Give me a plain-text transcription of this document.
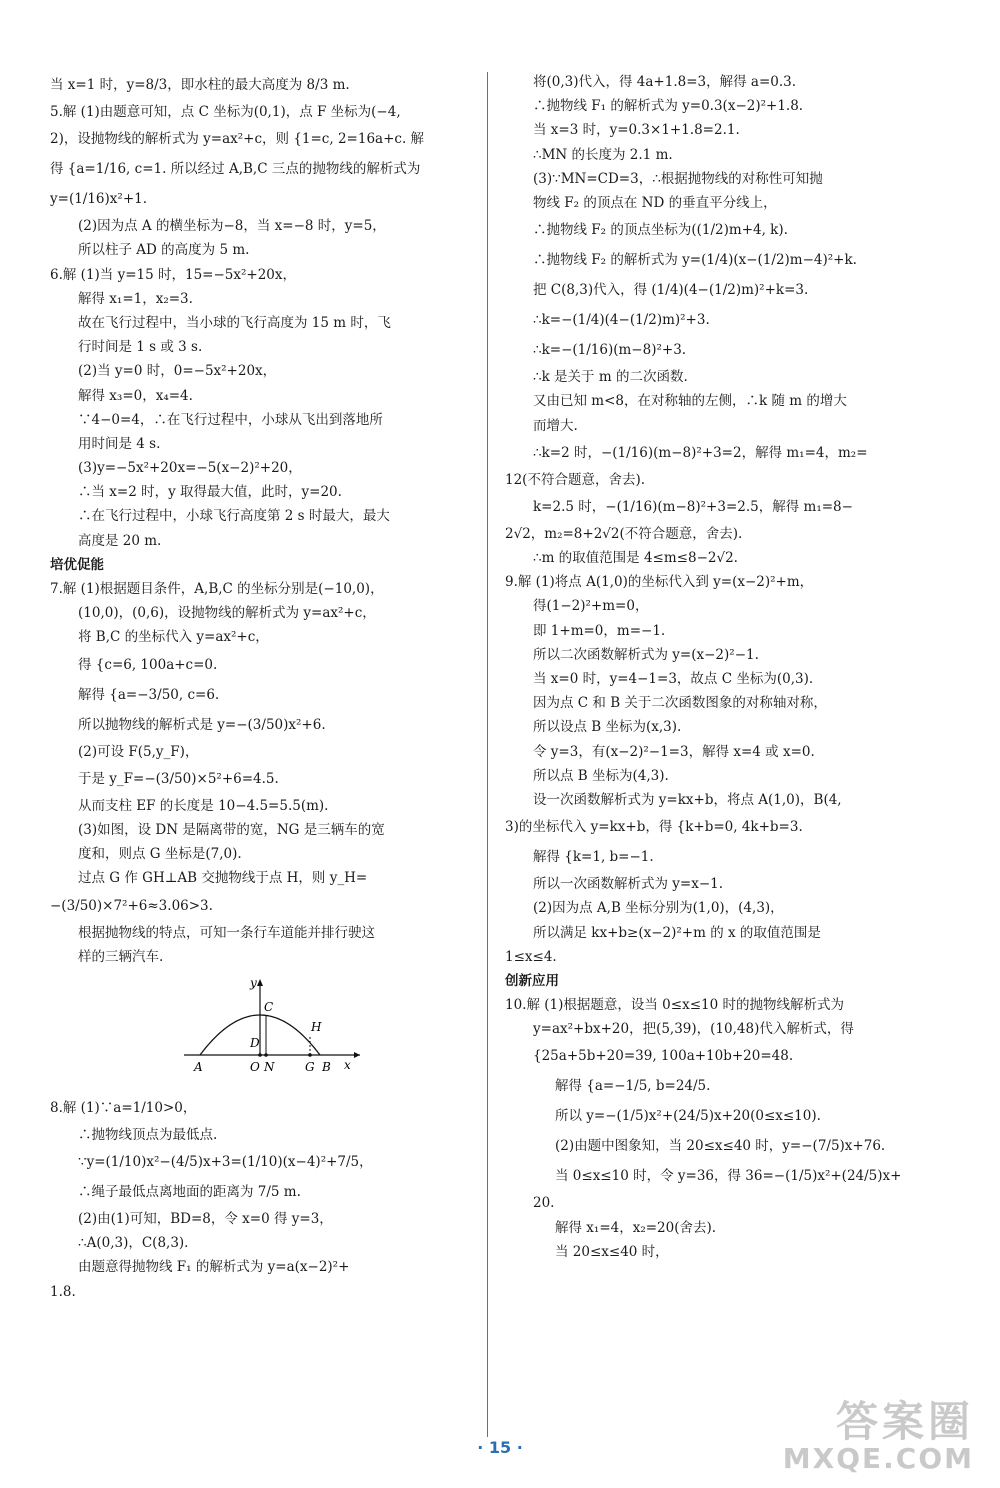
当 x=1 时，y=8/3，即水柱的最大高度为 8/3 m.
5.解 (1)由题意可知，点 C 坐标为(0,1)，点 F 坐标为(−4,
2)，设抛物线的解析式为 y=ax²+c，则 {1=c, 2=16a+c. 解
得 {a=1/16, c=1. 所以经过 A,B,C 三点的抛物线的解析式为
y=(1/16)x²+1.
(2)因为点 A 的横坐标为−8，当 x=−8 时，y=5，
所以柱子 AD 的高度为 5 m.
6.解 (1)当 y=15 时，15=−5x²+20x，
解得 x₁=1，x₂=3.
故在飞行过程中，当小球的飞行高度为 15 m 时，飞
行时间是 1 s 或 3 s.
(2)当 y=0 时，0=−5x²+20x，
解得 x₃=0，x₄=4.
∵4−0=4，∴在飞行过程中，小球从飞出到落地所
用时间是 4 s.
(3)y=−5x²+20x=−5(x−2)²+20，
∴当 x=2 时，y 取得最大值，此时，y=20.
∴在飞行过程中，小球飞行高度第 2 s 时最大，最大
高度是 20 m.
培优促能
7.解 (1)根据题目条件，A,B,C 的坐标分别是(−10,0)，
(10,0)，(0,6)，设抛物线的解析式为 y=ax²+c，
将 B,C 的坐标代入 y=ax²+c，
得 {c=6, 100a+c=0.
解得 {a=−3/50, c=6.
所以抛物线的解析式是 y=−(3/50)x²+6.
(2)可设 F(5,y_F)，
于是 y_F=−(3/50)×5²+6=4.5.
从而支柱 EF 的长度是 10−4.5=5.5(m).
(3)如图，设 DN 是隔离带的宽，NG 是三辆车的宽
度和，则点 G 坐标是(7,0).
过点 G 作 GH⊥AB 交抛物线于点 H，则 y_H=
−(3/50)×7²+6≈3.06>3.
根据抛物线的特点，可知一条行车道能并排行驶这
样的三辆汽车.
A	O N	G B x
y
C
D
H
8.解 (1)∵a=1/10>0，
∴抛物线顶点为最低点.
∵y=(1/10)x²−(4/5)x+3=(1/10)(x−4)²+7/5，
∴绳子最低点离地面的距离为 7/5 m.
(2)由(1)可知，BD=8，令 x=0 得 y=3，
∴A(0,3)，C(8,3).
由题意得抛物线 F₁ 的解析式为 y=a(x−2)²+
1.8.
将(0,3)代入，得 4a+1.8=3，解得 a=0.3.
∴抛物线 F₁ 的解析式为 y=0.3(x−2)²+1.8.
当 x=3 时，y=0.3×1+1.8=2.1.
∴MN 的长度为 2.1 m.
(3)∵MN=CD=3，∴根据抛物线的对称性可知抛
物线 F₂ 的顶点在 ND 的垂直平分线上，
∴抛物线 F₂ 的顶点坐标为((1/2)m+4, k).
∴抛物线 F₂ 的解析式为 y=(1/4)(x−(1/2)m−4)²+k.
把 C(8,3)代入，得 (1/4)(4−(1/2)m)²+k=3.
∴k=−(1/4)(4−(1/2)m)²+3.
∴k=−(1/16)(m−8)²+3.
∴k 是关于 m 的二次函数.
又由已知 m<8，在对称轴的左侧，∴k 随 m 的增大
而增大.
∴k=2 时，−(1/16)(m−8)²+3=2，解得 m₁=4，m₂=
12(不符合题意，舍去).
k=2.5 时，−(1/16)(m−8)²+3=2.5，解得 m₁=8−
2√2，m₂=8+2√2(不符合题意，舍去).
∴m 的取值范围是 4≤m≤8−2√2.
9.解 (1)将点 A(1,0)的坐标代入到 y=(x−2)²+m，
得(1−2)²+m=0，
即 1+m=0，m=−1.
所以二次函数解析式为 y=(x−2)²−1.
当 x=0 时，y=4−1=3，故点 C 坐标为(0,3).
因为点 C 和 B 关于二次函数图象的对称轴对称，
所以设点 B 坐标为(x,3).
令 y=3，有(x−2)²−1=3，解得 x=4 或 x=0.
所以点 B 坐标为(4,3).
设一次函数解析式为 y=kx+b，将点 A(1,0)，B(4,
3)的坐标代入 y=kx+b，得 {k+b=0, 4k+b=3.
解得 {k=1, b=−1.
所以一次函数解析式为 y=x−1.
(2)因为点 A,B 坐标分别为(1,0)，(4,3)，
所以满足 kx+b≥(x−2)²+m 的 x 的取值范围是
1≤x≤4.
创新应用
10.解 (1)根据题意，设当 0≤x≤10 时的抛物线解析式为
y=ax²+bx+20，把(5,39)，(10,48)代入解析式，得
{25a+5b+20=39, 100a+10b+20=48.
解得 {a=−1/5, b=24/5.
所以 y=−(1/5)x²+(24/5)x+20(0≤x≤10).
(2)由题中图象知，当 20≤x≤40 时，y=−(7/5)x+76.
当 0≤x≤10 时，令 y=36，得 36=−(1/5)x²+(24/5)x+
20.
解得 x₁=4，x₂=20(舍去).
当 20≤x≤40 时，
· 15 ·
答案圈
MXQE.COM
